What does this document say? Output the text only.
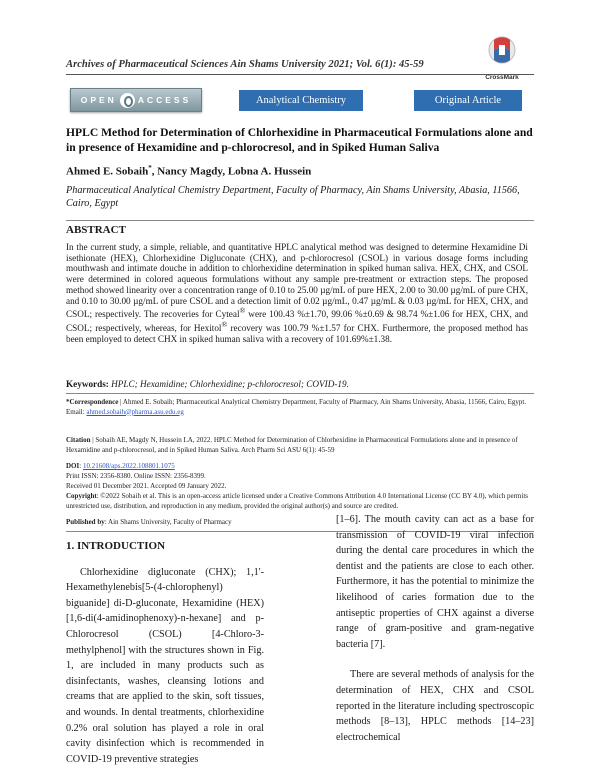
Archives of Pharmaceutical Sciences Ain Shams University 2021; Vol. 6(1): 45-59
CrossMark
OPEN ACCESS	Analytical Chemistry	Original Article
HPLC Method for Determination of Chlorhexidine in Pharmaceutical Formulations alone and in presence of Hexamidine and p-chlorocresol, and in Spiked Human Saliva
Ahmed E. Sobaih*, Nancy Magdy, Lobna A. Hussein
Pharmaceutical Analytical Chemistry Department, Faculty of Pharmacy, Ain Shams University, Abasia, 11566, Cairo, Egypt
ABSTRACT
In the current study, a simple, reliable, and quantitative HPLC analytical method was designed to determine Hexamidine Di isethionate (HEX), Chlorhexidine Digluconate (CHX), and p-chlorocresol (CSOL) in various dosage forms including mouthwash and intimate douche in addition to chlorhexidine determination in spiked human saliva. HEX, CHX, and CSOL were determined in colored aqueous formulations without any sample pre-treatment or extraction steps. The proposed method showed linearity over a concentration range of 0.10 to 25.00 µg/mL of pure HEX, 2.00 to 30.00 µg/mL of pure CHX, and 0.10 to 30.00 µg/mL of pure CSOL and a detection limit of 0.02 µg/mL, 0.47 µg/mL & 0.03 µg/mL for HEX, CHX, and CSOL; respectively. The recoveries for Cyteal® were 100.43 %±1.70, 99.06 %±0.69 & 98.74 %±1.06 for HEX, CHX, and CSOL; respectively, whereas, for Hexitol® recovery was 100.79 %±1.57 for CHX. Furthermore, the proposed method has been employed to detect CHX in spiked human saliva with a recovery of 101.69%±1.38.
Keywords: HPLC; Hexamidine; Chlorhexidine; p-chlorocresol; COVID-19.
*Correspondence | Ahmed E. Sobaih; Pharmaceutical Analytical Chemistry Department, Faculty of Pharmacy, Ain Shams University, Abasia, 11566, Cairo, Egypt. Email: ahmed.sobaih@pharma.asu.edu.eg
Citation | Sobaih AE, Magdy N, Hussein LA, 2022. HPLC Method for Determination of Chlorhexidine in Pharmaceutical Formulations alone and in presence of Hexamidine and p-chlorocresol, and in Spiked Human Saliva. Arch Pharm Sci ASU 6(1): 45-59
DOI: 10.21608/aps.2022.108801.1075
Print ISSN: 2356-8380. Online ISSN: 2356-8399.
Received 01 December 2021. Accepted 09 January 2022.
Copyright: ©2022 Sobaih et al. This is an open-access article licensed under a Creative Commons Attribution 4.0 International License (CC BY 4.0), which permits unrestricted use, distribution, and reproduction in any medium, provided the original author(s) and source are credited.
Published by: Ain Shams University, Faculty of Pharmacy
1. INTRODUCTION

Chlorhexidine digluconate (CHX); 1,1'-Hexamethylenebis[5-(4-chlorophenyl) biguanide] di-D-gluconate, Hexamidine (HEX) [1,6-di(4-amidinophenoxy)-n-hexane] and p-Chlorocresol (CSOL) [4-Chloro-3-methylphenol] with the structures shown in Fig. 1, are included in many products such as disinfectants, washes, cleansing lotions and creams that are applied to the skin, soft tissues, and wounds. In dental treatments, chlorhexidine 0.2% oral solution has played a role in oral cavity disinfection which is recommended in COVID-19 preventive strategies

[1–6]. The mouth cavity can act as a base for transmission of COVID-19 viral infection during the dental care procedures in which the dentist and the patients are close to each other. Furthermore, it has the potential to minimize the likelihood of caries formation due to the antiseptic properties of CHX against a diverse range of gram-positive and gram-negative bacteria [7].

There are several methods of analysis for the determination of HEX, CHX and CSOL reported in the literature including spectroscopic methods [8–13], HPLC methods [14–23] electrochemical
